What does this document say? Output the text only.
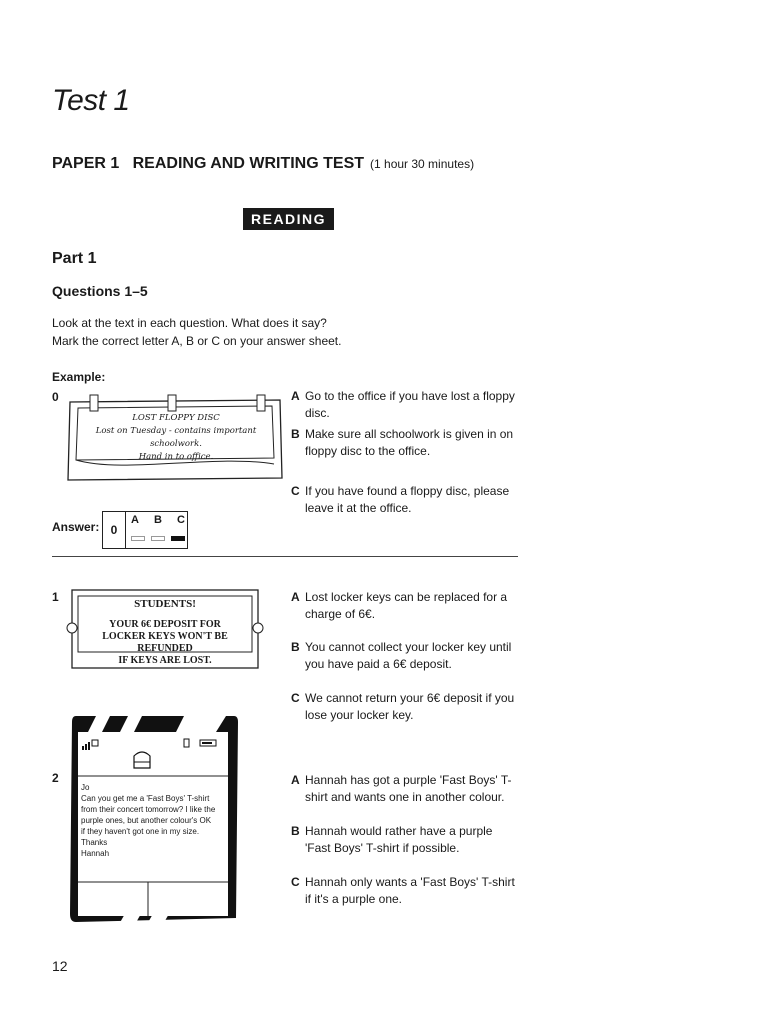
Test 1
PAPER 1   READING AND WRITING TEST (1 hour 30 minutes)
READING
Part 1
Questions 1–5
Look at the text in each question. What does it say?
Mark the correct letter A, B or C on your answer sheet.
Example:
0
LOST FLOPPY DISC
Lost on Tuesday - contains important schoolwork.
Hand in to office.
A Go to the office if you have lost a floppy disc.
B Make sure all schoolwork is given in on floppy disc to the office.
C If you have found a floppy disc, please leave it at the office.
Answer: 0
A B C
1	STUDENTS!
YOUR 6€ DEPOSIT FOR
LOCKER KEYS WON'T BE REFUNDED
IF KEYS ARE LOST.
A Lost locker keys can be replaced for a charge of 6€.
B You cannot collect your locker key until you have paid a 6€ deposit.
C We cannot return your 6€ deposit if you lose your locker key.
2
Jo
Can you get me a 'Fast Boys' T-shirt
from their concert tomorrow? I like the
purple ones, but another colour's OK
if they haven't got one in my size.
Thanks
Hannah
A Hannah has got a purple 'Fast Boys' T-shirt and wants one in another colour.
B Hannah would rather have a purple 'Fast Boys' T-shirt if possible.
C Hannah only wants a 'Fast Boys' T-shirt if it's a purple one.
12
